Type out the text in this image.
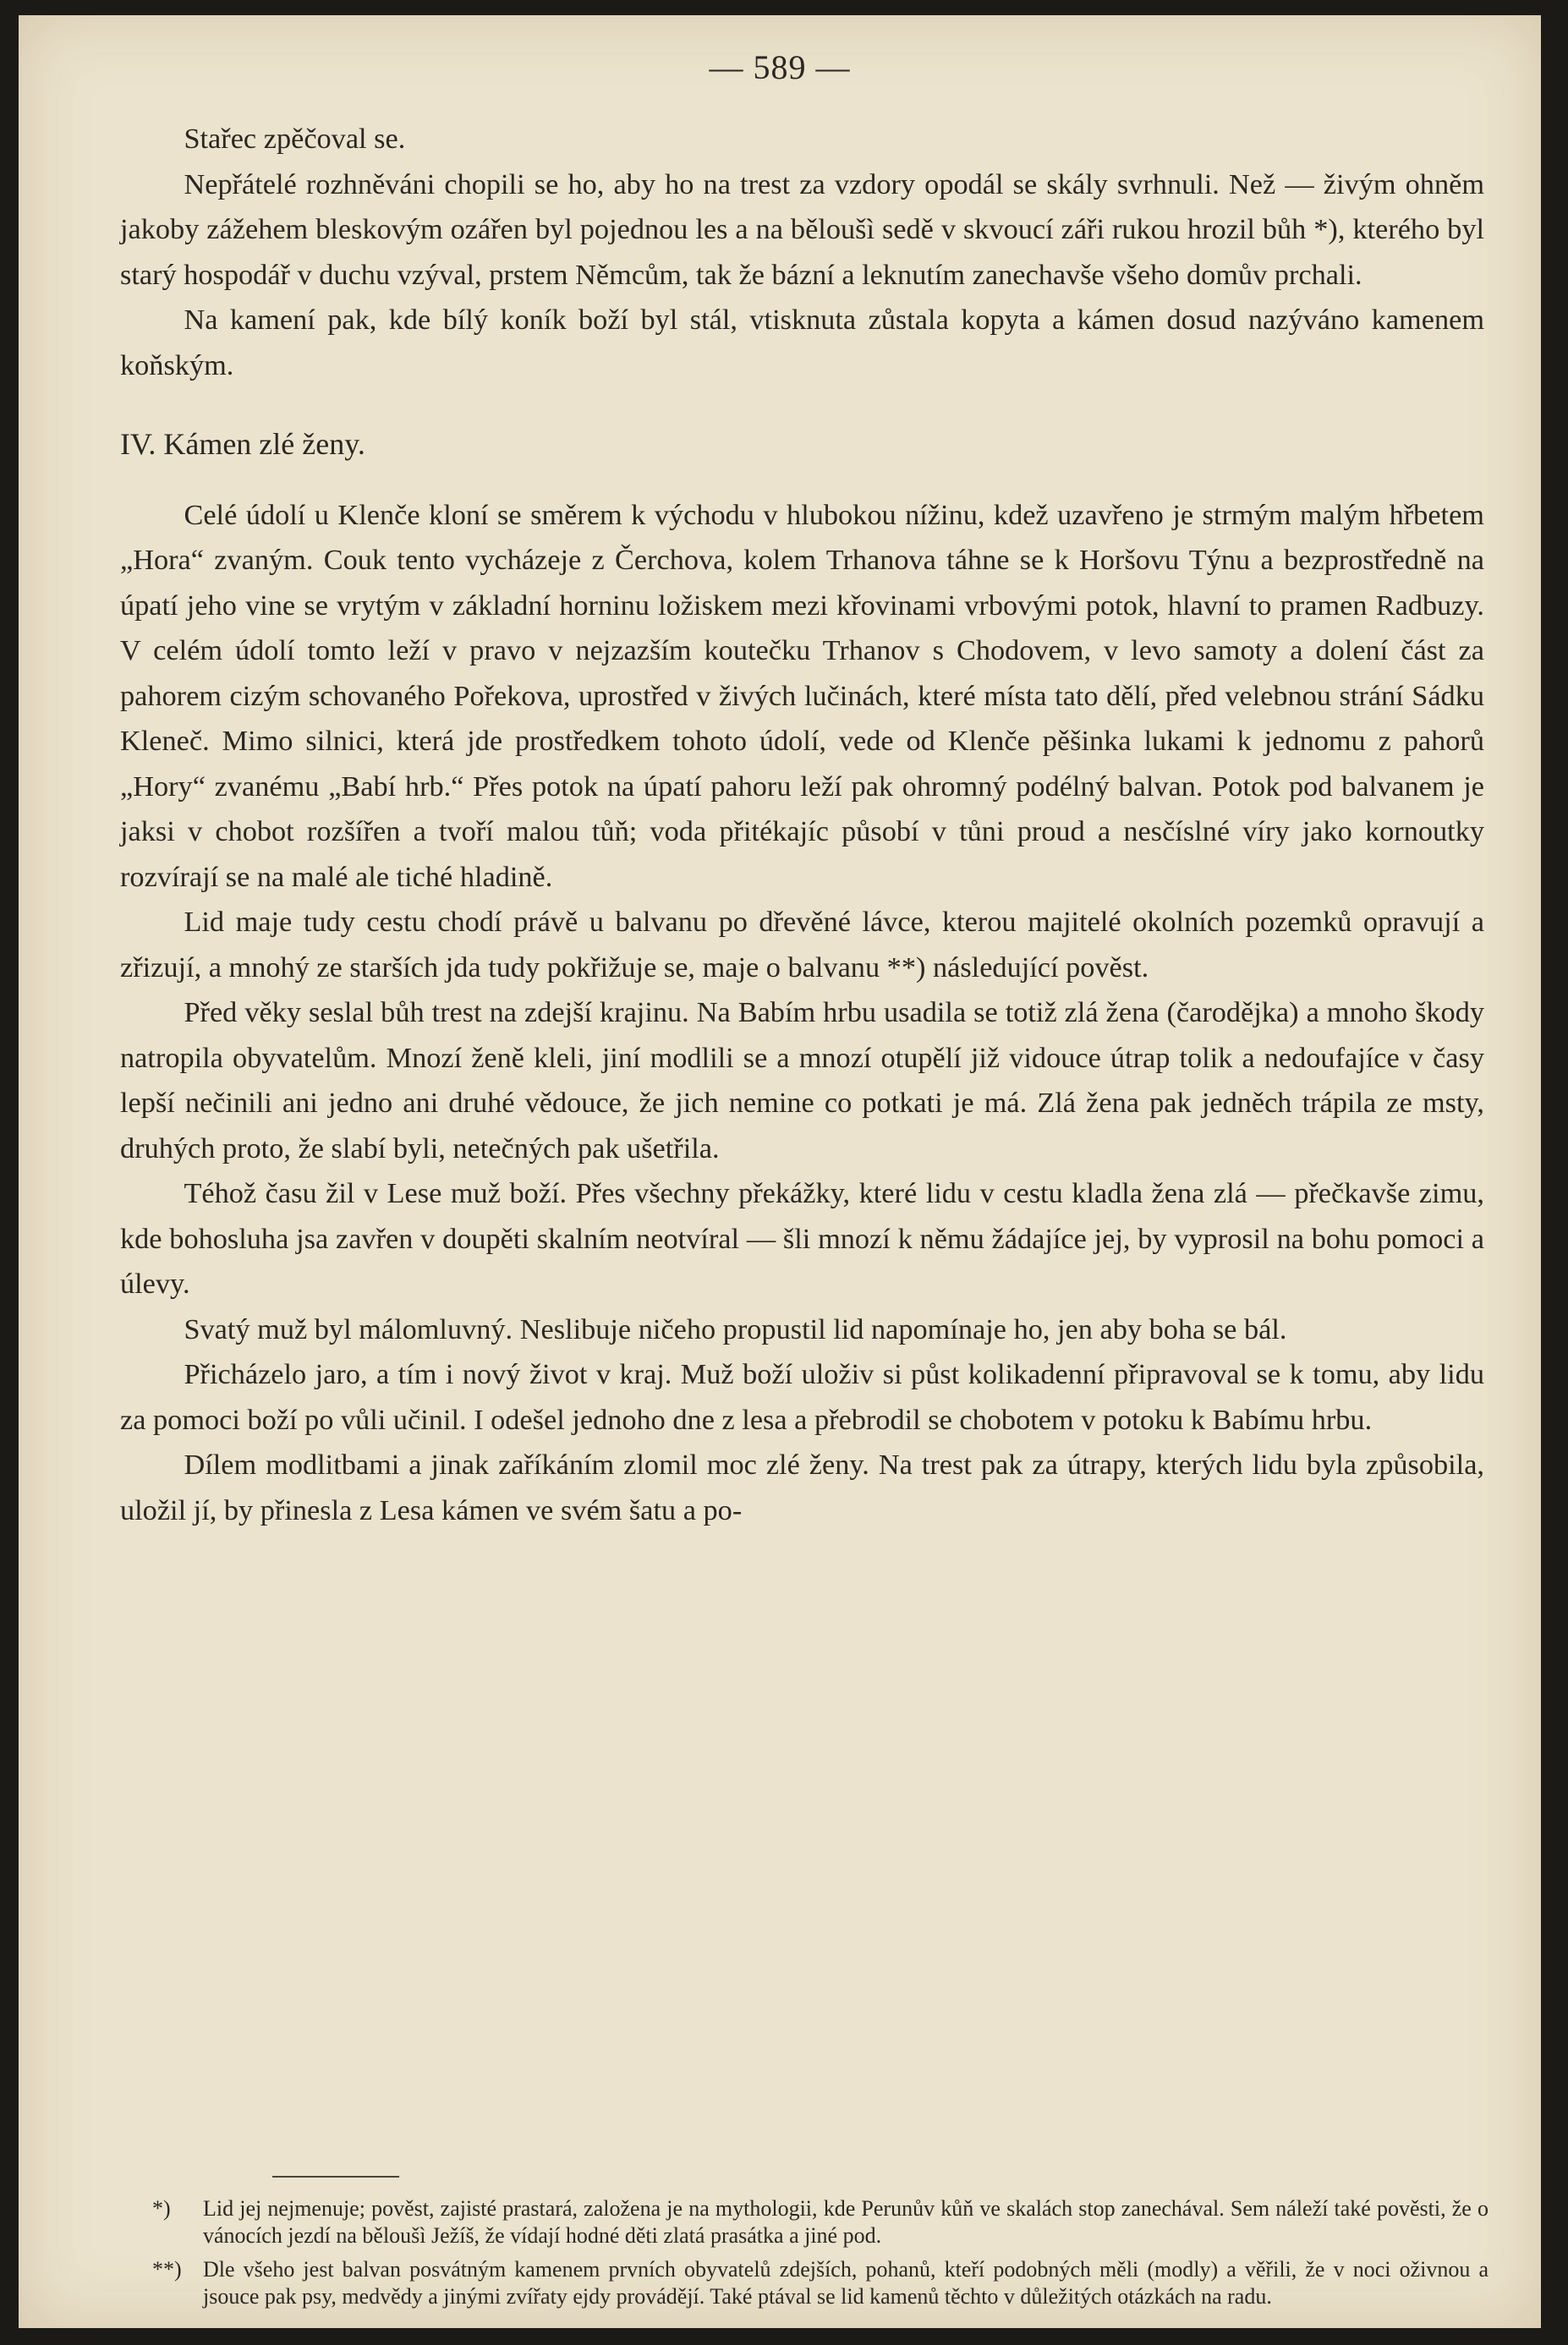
— 589 —

Stařec zpěčoval se.

Nepřátelé rozhněváni chopili se ho, aby ho na trest za vzdory opodál se skály svrhnuli. Než — živým ohněm jakoby zážehem bleskovým ozářen byl pojednou les a na běloušì sedě v skvoucí záři rukou hrozil bůh *), kterého byl starý hospodář v duchu vzýval, prstem Němcům, tak že bázní a leknutím zanechavše všeho domův prchali.

Na kamení pak, kde bílý koník boží byl stál, vtisknuta zůstala kopyta a kámen dosud nazýváno kamenem koňským.

IV. Kámen zlé ženy.

Celé údolí u Klenče kloní se směrem k východu v hlubokou nížinu, kdež uzavřeno je strmým malým hřbetem „Hora“ zvaným. Couk tento vycházeje z Čerchova, kolem Trhanova táhne se k Horšovu Týnu a bezprostředně na úpatí jeho vine se vrytým v základní horninu ložiskem mezi křovinami vrbovými potok, hlavní to pramen Radbuzy. V celém údolí tomto leží v pravo v nejzazším koutečku Trhanov s Chodovem, v levo samoty a dolení část za pahorem cizým schovaného Pořekova, uprostřed v živých lučinách, které místa tato dělí, před velebnou strání Sádku Kleneč. Mimo silnici, která jde prostředkem tohoto údolí, vede od Klenče pěšinka lukami k jednomu z pahorů „Hory“ zvanému „Babí hrb.“ Přes potok na úpatí pahoru leží pak ohromný podélný balvan. Potok pod balvanem je jaksi v chobot rozšířen a tvoří malou tůň; voda přitékajíc působí v tůni proud a nesčíslné víry jako kornoutky rozvírají se na malé ale tiché hladině.

Lid maje tudy cestu chodí právě u balvanu po dřevěné lávce, kterou majitelé okolních pozemků opravují a zřizují, a mnohý ze starších jda tudy pokřižuje se, maje o balvanu **) následující pověst.

Před věky seslal bůh trest na zdejší krajinu. Na Babím hrbu usadila se totiž zlá žena (čarodějka) a mnoho škody natropila obyvatelům. Mnozí ženě kleli, jiní modlili se a mnozí otupělí již vidouce útrap tolik a nedoufajíce v časy lepší nečinili ani jedno ani druhé vědouce, že jich nemine co potkati je má. Zlá žena pak jedněch trápila ze msty, druhých proto, že slabí byli, netečných pak ušetřila.

Téhož času žil v Lese muž boží. Přes všechny překážky, které lidu v cestu kladla žena zlá — přečkavše zimu, kde bohosluha jsa zavřen v doupěti skalním neotvíral — šli mnozí k němu žádajíce jej, by vyprosil na bohu pomoci a úlevy.

Svatý muž byl málomluvný. Neslibuje ničeho propustil lid napomínaje ho, jen aby boha se bál.

Přicházelo jaro, a tím i nový život v kraj. Muž boží uloživ si půst kolikadenní připravoval se k tomu, aby lidu za pomoci boží po vůli učinil. I odešel jednoho dne z lesa a přebrodil se chobotem v potoku k Babímu hrbu.

Dílem modlitbami a jinak zaříkáním zlomil moc zlé ženy. Na trest pak za útrapy, kterých lidu byla způsobila, uložil jí, by přinesla z Lesa kámen ve svém šatu a po-

*)	Lid jej nejmenuje; pověst, zajisté prastará, založena je na mythologii, kde Perunův kůň ve skalách stop zanechával. Sem náleží také pověsti, že o vánocích jezdí na běloušì Ježíš, že vídají hodné děti zlatá prasátka a jiné pod.
**) Dle všeho jest balvan posvátným kamenem prvních obyvatelů zdejších, pohanů, kteří podobných měli (modly) a věřili, že v noci oživnou a jsouce pak psy, medvědy a jinými zvířaty ejdy provádějí. Také ptával se lid kamenů těchto v důležitých otázkách na radu.
